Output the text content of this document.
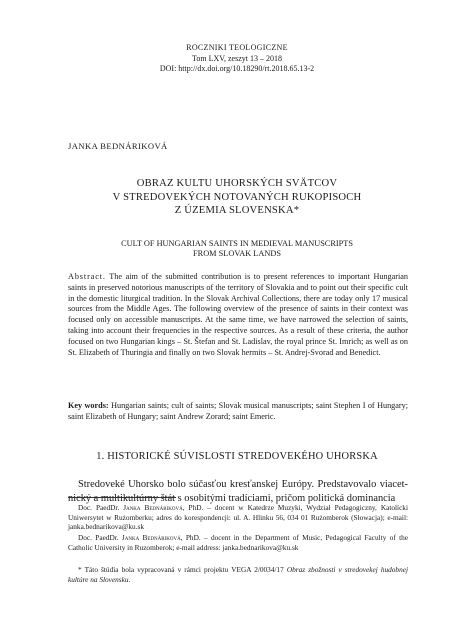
ROCZNIKI TEOLOGICZNE
Tom LXV, zeszyt 13 – 2018
DOI: http://dx.doi.org/10.18290/rt.2018.65.13-2
JANKA BEDNÁRIKOVÁ
OBRAZ KULTU UHORSKÝCH SVÄTCOV
V STREDOVEKÝCH NOTOVANÝCH RUKOPISOCH
Z ÚZEMIA SLOVENSKA*
CULT OF HUNGARIAN SAINTS IN MEDIEVAL MANUSCRIPTS
FROM SLOVAK LANDS
Abstract. The aim of the submitted contribution is to present references to important Hungarian saints in preserved notorious manuscripts of the territory of Slovakia and to point out their specific cult in the domestic liturgical tradition. In the Slovak Archival Collections, there are today only 17 musical sources from the Middle Ages. The following overview of the presence of saints in their context was focused only on accessible manuscripts. At the same time, we have narrowed the selection of saints, taking into account their frequencies in the respective sources. As a result of these criteria, the author focused on two Hungarian kings – St. Štefan and St. Ladislav, the royal prince St. Imrich; as well as on St. Elizabeth of Thuringia and finally on two Slovak hermits – St. Andrej-Svorad and Benedict.
Key words: Hungarian saints; cult of saints; Slovak musical manuscripts; saint Stephen I of Hungary; saint Elizabeth of Hungary; saint Andrew Zorard; saint Emeric.
1. HISTORICKÉ SÚVISLOSTI STREDOVEKÉHO UHORSKA
Stredoveké Uhorsko bolo súčasťou kresťanskej Európy. Predstavovalo viacet-nický a multikultúrny štát s osobitými tradíciami, pričom politická dominancia
Doc. PaedDr. Janka Bednáriková, PhD. – docent w Katedrze Muzyki, Wydział Pedagogiczny, Katolícki Uniwersytet w Rużomberku; adres do korespondencji: ul. A. Hlinku 56, 034 01 Rużomberok (Słowacja); e-mail: janka.bednarikova@ku.sk
Doc. PaedDr. Janka Bednáriková, PhD. – docent in the Department of Music, Pedagogical Faculty of the Catholic University in Ruzomberok; e-mail address: janka.bednarikova@ku.sk
* Táto štúdia bola vypracovaná v rámci projektu VEGA 2/0034/17 Obraz zbožnosti v stredovekej hudobnej kultúre na Slovensku.
